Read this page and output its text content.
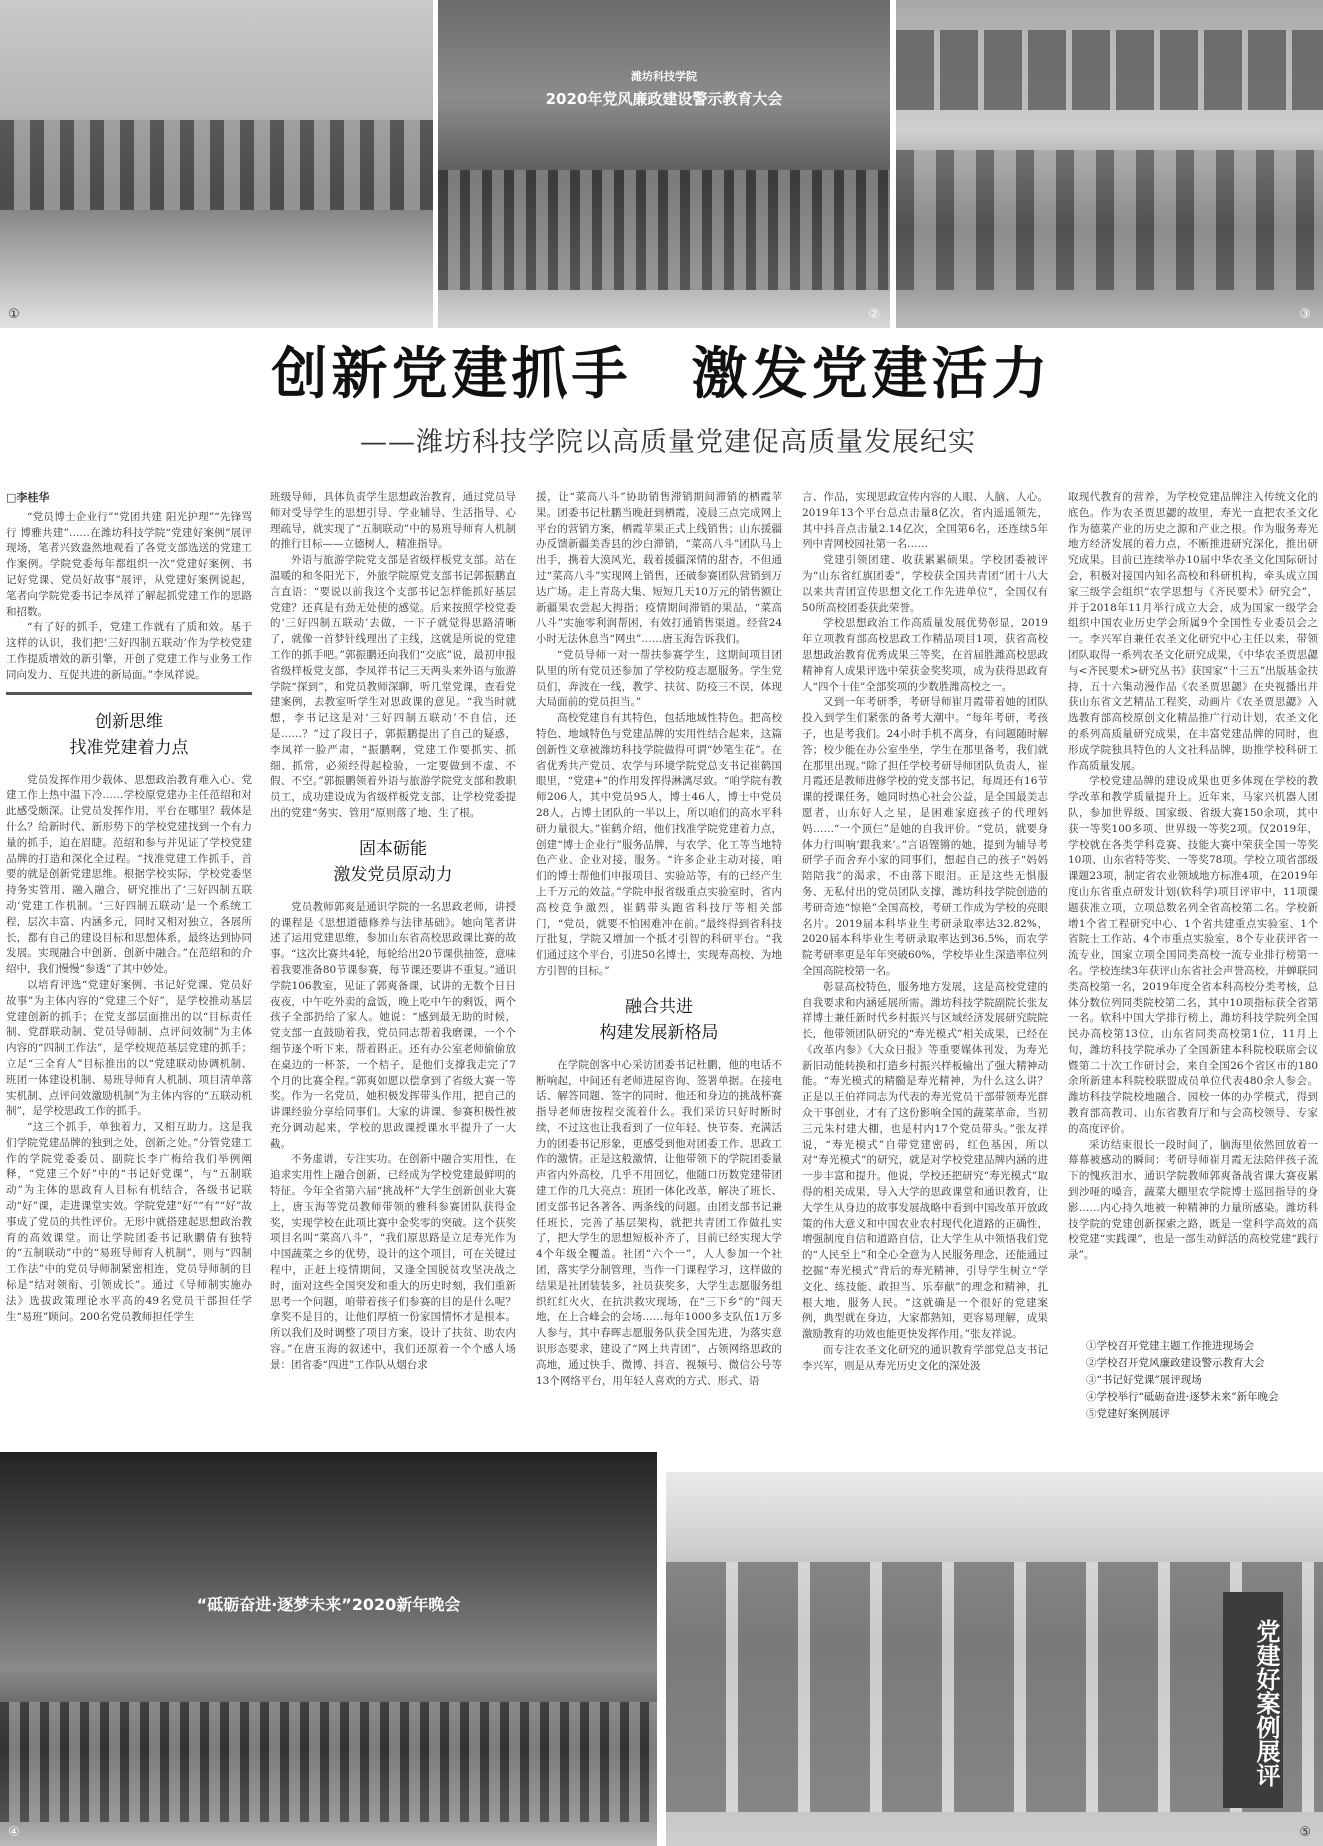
①
潍坊科技学院
2020年党风廉政建设警示教育大会
②	③
创新党建抓手　激发党建活力
——潍坊科技学院以高质量党建促高质量发展纪实
□李桂华

“党员博士企业行”“党团共建 阳光护理”“先锋骂行 博雅共建”……在潍坊科技学院“党建好案例”展评现场，笔者兴致盎然地观看了各党支部选送的党建工作案例。学院党委每年都组织一次“党建好案例、书记好党课、党员好故事”展评，从党建好案例说起，笔者向学院党委书记李凤祥了解起抓党建工作的思路和招数。

“有了好的抓手，党建工作就有了质和效。基于这样的认识，我们把‘三好四制五联动’作为学校党建工作提质增效的新引擎，开创了党建工作与业务工作同向发力、互促共进的新局面。”李凤祥说。

创新思维
找准党建着力点

党员发挥作用少载体、思想政治教育难入心、党建工作上热中温下冷……学校原党建办主任范绍和对此感受颇深。让党员发挥作用，平台在哪里？载体是什么？给新时代、新形势下的学校党建找到一个有力量的抓手，迫在眉睫。范绍和参与并见证了学校党建品牌的打造和深化全过程。“找准党建工作抓手，首要的就是创新党建思维。根据学校实际，学校党委坚持务实管用、融入融合，研究推出了‘三好四制五联动’党建工作机制。‘三好四制五联动’是一个系统工程，层次丰富、内涵多元，同时又相对独立，各展所长，都有自己的建设目标和思想体系，最终达到协同发展。实现融合中创新、创新中融合。”在范绍和的介绍中，我们慢慢“参透”了其中妙处。

以培育评选“党建好案例、书记好党课、党员好故事”为主体内容的“党建三个好”，是学校推动基层党建创新的抓手；在党支部层面推出的以“目标责任制、党群联动制、党员导师制、点评问效制”为主体内容的“四制工作法”，是学校规范基层党建的抓手；立足“三全育人”目标推出的以“党建联动协调机制、班团一体建设机制、易班导师育人机制、项目清单落实机制、点评问效激励机制”为主体内容的“五联动机制”，是学校思政工作的抓手。

“这三个抓手，单独着力，又相互助力。这是我们学院党建品牌的独到之处，创新之处。”分管党建工作的学院党委委员、副院长李广梅给我们举例阐释，“党建三个好”中的“书记好党课”，与“五制联动”为主体的思政育人目标有机结合，各级书记联动“好”课，走进课堂实效。学院党建“好”“有”“好”故事成了党员的共性评价。无形中就搭建起思想政治教育的高效课堂。而让学院团委书记耿鹏倩有独特的“五制联动”中的“易班导师育人机制”，则与“四制工作法”中的党员导师制紧密相连，党员导师制的目标是“结对领衔、引领成长”。通过《导师制实施办法》选拔政策理论水平高的49名党员干部担任学生“易班”顾问。200名党员教师担任学生

班级导师，具体负责学生思想政治教育，通过党员导师对受导学生的思想引导、学业辅导、生活指导、心理疏导，就实现了“五制联动”中的易班导师育人机制的推行目标——立德树人，精准指导。

外语与旅游学院党支部是省级样板党支部。站在温暖的和冬阳光下，外旅学院原党支部书记郭振鹏直言直语：“要说以前我这个支部书记怎样能抓好基层党建？还真是有劲无处使的感觉。后来按照学校党委的‘三好四制五联动’去做，一下子就觉得思路清晰了，就像一首梦针线理出了主线，这就是所说的党建工作的抓手吧。”郭振鹏还向我们“交底”说，最初申报省级样板党支部，李凤祥书记三天两头来外语与旅游学院“探到”，和党员教师深聊，听几堂党课，查看党建案例，去教室听学生对思政课的意见。“我当时就想，李书记这是对‘三好四制五联动’不自信，还是……？”过了段日子，郭振鹏提出了自己的疑惑，李凤祥一脸严肃，“振鹏啊，党建工作要抓实、抓细、抓常，必须经得起检验，一定要做到不虚、不假、不空。”郭振鹏领着外语与旅游学院党支部和教职员工，成功建设成为省级样板党支部，让学校党委提出的党建“务实、管用”原则落了地、生了根。

固本砺能
激发党员原动力

党员教师郭爽是通识学院的一名思政老师，讲授的课程是《思想道德修养与法律基础》。她向笔者讲述了运用党建思维，参加山东省高校思政课比赛的故事。“这次比赛共4轮，每轮给出20节课供抽签，意味着我要准备80节课参赛，每节课还要讲不重复。”通识学院106教室，见证了郭爽备课，试讲的无数个日日夜夜，中午吃外卖的盒饭，晚上吃中午的剩饭，两个孩子全部扔给了家人。她说：“感到最无助的时候，党支部一直鼓励着我，党员同志帮着我磨课，一个个细节逐个听下来，帮着斟正。还有办公室老师偷偷放在桌边的一杯茶，一个桔子，是他们支撑我走完了7个月的比赛全程。”郭爽如愿以偿拿到了省级大赛一等奖。作为一名党员，她积极发挥带头作用，把自己的讲课经验分享给同事们。大家的讲课、参赛积极性被充分调动起来，学校的思政课授课水平提升了一大截。

不务虚谱，专注实功。在创新中融合实用性，在追求实用性上融合创新，已经成为学校党建最鲜明的特征。今年全省第六届“挑战杯”大学生创新创业大赛上，唐玉海等党员教师带领的雅科参赛团队获得金奖，实现学校在此项比赛中金奖零的突破。这个获奖项目名叫“菜高八斗”，“我们原思路是立足寿光作为中国蔬菜之乡的优势，设计的这个项目，可在关键过程中，正赶上疫情期间，又逢全国脱贫攻坚决战之时，面对这些全国突发和重大的历史时刻，我们重新思考一个问题，咱带着孩子们参赛的目的是什么呢？拿奖不是目的，让他们厚植一份家国情怀才是根本。所以我们及时调整了项目方案，设计了扶贫、助农内容。”在唐玉海的叙述中，我们还原着一个个感人场景：团省委“四进”工作队从烟台求

援，让“菜高八斗”协助销售滞销期间滞销的栖霞苹果。团委书记杜鹏当晚赶到栖霞，凌晨三点完成网上平台的营销方案，栖霞苹果正式上线销售；山东援疆办反馈新疆美香县的沙白滞销，“菜高八斗”团队马上出手，携着大漠风光，载着援疆深情的甜杏，不但通过“菜高八斗”实现网上销售，还破参赛团队营销到万达广场。走上青岛大集、短短几天10万元的销售额让新疆果农尝起大拇指；疫情期间滞销的果品，“菜高八斗”实施零利润帮困，有效打通销售渠道。经营24小时无法休息当“网虫”……唐玉海告诉我们。

“党员导师一对一帮扶参赛学生，这期间项目团队里的所有党员还参加了学校防疫志愿服务。学生党员们，奔波在一线，教学、扶贫、防疫三不误，体现大局面前的党员担当。”

高校党建自有其特色，包括地域性特色。把高校特色、地域特色与党建品牌的实用性结合起来，这篇创新性文章被潍坊科技学院做得可谓“妙笔生花”。在省优秀共产党员、农学与环境学院党总支书记崔鹤国眼里，“党建+”的作用发挥得淋漓尽致。“咱学院有教师206人，其中党员95人，博士46人，博士中党员28人，占博士团队的一半以上，所以咱们的高水平科研力量很大。”崔鹤介绍，他们找准学院党建着力点，创建“博士企业行”服务品牌，与农学、化工等当地特色产业、企业对接，服务。“许多企业主动对接，咱们的博士帮他们申报项目、实验站等，有的已经产生上千万元的效益。”学院申报省级重点实验室时，省内高校竞争激烈，崔鹤带头跑省科技厅等相关部门，“党员，就要不怕困难冲在前。”最终得到省科技厅批复，学院又增加一个抵才引智的科研平台。“我们通过这个平台，引进50名博士，实现寿高校、为地方引智的目标。”

融合共进
构建发展新格局

在学院创客中心采访团委书记杜鹏，他的电话不断响起，中间还有老师进屋咨询、签署单据。在接电话、解答同题、签字的同时，他还和身边的挑战杯赛指导老师唐按程交流着什么。我们采访只好时断时续，不过这也让我看到了一位年轻、快节奏、充满活力的团委书记形象，更感受到他对团委工作、思政工作的激情。正是这般激情，让他带领下的学院团委量声省内外高校，几乎不用回忆，他随口历数党建带团建工作的几大亮点：班团一体化改革，解决了班长、团支部书记各著各、两条线的问题。由团支部书记兼任班长，完善了基层架构，就把共青团工作做扎实了，把大学生的思想短板补齐了，目前已经实现大学4个年级全覆盖。社团“六个一”，人人参加一个社团，落实学分制管理，当作一门课程学习，这样做的结果是社团装装多，社员获奖多，大学生志愿服务组织红红火火，在抗洪救灾现场，在“三下乡”的“闯天地，在上合峰会的会场……每年1000多支队伍1万多人参与，其中春晖志愿服务队获全国先进，为落实意识形态要求，建设了“网上共青团”，占领网络思政的高地，通过快手、微博、抖音、视频号、微信公号等13个网络平台，用年轻人喜欢的方式、形式、语

言、作品，实现思政宣传内容的人眼、人脑、人心。2019年13个平台总点击量8亿次，省内遥遥领先，其中抖音点击量2.14亿次，全国第6名，还连续5年列中青网校园社第一名……

党建引领团建、收获累累硕果。学校团委被评为“山东省红旗团委”，学校获全国共青团“团十八大以来共青团宣传思想文化工作先进单位”，全国仅有50所高校团委获此荣誉。

学校思想政治工作高质量发展优势彰显，2019年立项教育部高校思政工作精品项目1项，获省高校思想政治教育优秀成果三等奖，在首届胜潍高校思政精神育人成果评选中荣获金奖奖项，成为获得思政育人“四个十佳”全部奖项的少数胜潍高校之一。

又到一年考研季，考研导师崔月霞带着她的团队投入到学生们紧张的备考大潮中。“每年考研，考孩子，也是考我们。24小时手机不离身，有问题随时解答；校少能在办公室坐坐，学生在那里备考，我们就在那里出现。”除了担任学校考研导师团队负责人，崔月霞还是教师进修学校的党支部书记，每周还有16节课的授课任务，她同时热心社会公益，是全国最美志愿者，山东好人之星，是困难家庭孩子的代理妈妈……“一个顶仨”是她的自我评价。“党员，就要身体力行叫响‘跟我来’。”言语铿锵的她，提到为辅导考研学子而舍弃小家的同事们，想起自己的孩子“妈妈陪陪我”的渴求，不由落下眼泪。正是这些无惧服务、无私付出的党员团队支撑，潍坊科技学院创造的考研奇迹“惊艳”全国高校，考研工作成为学校的亮眼名片。2019届本科毕业生考研录取率达32.82%，2020届本科毕业生考研录取率达到36.5%，而农学院考研率更是年年突破60%，学校毕业生深造率位列全国高院校第一名。

彰显高校特色，服务地方发展，这是高校党建的自我要求和内涵延展所需。潍坊科技学院副院长张友祥博士兼任新时代乡村振兴与区域经济发展研究院院长，他带领团队研究的“寿光模式”相关成果，已经在《改革内参》《大众日报》等重要媒体刊发，为寿光新旧动能转换和打造乡村振兴样板输出了强大精神动能。“寿光模式的精髓是寿光精神，为什么这么讲？正是以王伯祥同志为代表的寿光党员干部带领寿光群众干事创业，才有了这份影响全国的蔬菜革命，当初三元朱村建大棚，也是村内17个党员带头。”张友祥说，“寿光模式”自带党建密码，红色基因，所以对“寿光模式”的研究，就是对学校党建品牌内涵的进一步丰富和提升。他说，学校还把研究“寿光模式”取得的相关成果，导入大学的思政课堂和通识教育，让大学生从身边的故事发展战略中看到中国改革开放政策的伟大意义和中国农业农村现代化道路的正确性，增强制度自信和道路自信，让大学生从中领悟我们党的“人民至上”和全心全意为人民服务理念，还能通过挖掘“寿光模式”背后的寿光精神，引导学生树立“学文化、练技能、敢担当、乐奉献”的理念和精神，扎根大地，服务人民。“这就确是一个很好的党建案例，典型就在身边，大家都熟知，更容易理解，成果激励教育的功效也能更快发挥作用。”张友祥说。

而专注农圣文化研究的通识教育学部党总支书记李兴军，则是从寿光历史文化的深处汲

取现代教育的营养，为学校党建品牌注入传统文化的底色。作为农圣贾思勰的故里，寿光一直把农圣文化作为德菜产业的历史之源和产业之根。作为服务寿光地方经济发展的着力点，不断推进研究深化，推出研究成果。目前已连续举办10届中华农圣文化国际研讨会，积极对接国内知名高校和科研机构，牵头成立国家三级学会组织“农学思想与《齐民要术》研究会”，并于2018年11月举行成立大会，成为国家一级学会组织中国农业历史学会所属9个全国性专业委员会之一。李兴军自兼任农圣文化研究中心主任以来，带领团队取得一系列农圣文化研究成果，《中华农圣贾思勰与<齐民要术>研究丛书》获国家“十三五”出版基金扶持，五十六集动漫作品《农圣贾思勰》在央视播出并获山东省文艺精品工程奖，动画片《农圣贾思勰》入选教育部高校原创文化精品推广行动计划，农圣文化的系列高质量研究成果，在丰富党建品牌的同时，也形成学院独具特色的人文社科品牌，助推学校科研工作高质量发展。

学校党建品牌的建设成果也更多体现在学校的教学改革和教学质量提升上。近年来，马家兴机器人团队，参加世界级、国家级、省级大赛150余项，其中获一等奖100多项、世界级一等奖2项。仅2019年，学校就在各类学科竞赛、技能大赛中荣获全国一等奖10项、山东省特等奖、一等奖78项。学校立项省部级课题23项，制定省农业领域地方标准4项，在2019年度山东省重点研发计划(软科学)项目评审中，11项课题获准立项，立项总数名列全省高校第二名。学校新增1个省工程研究中心、1个省共建重点实验室、1个省院士工作站、4个市重点实验室，8个专业获评省一流专业，国家立项全国同类高校一流专业排行榜第一名。学校连续3年获评山东省社会声誉高校，并蝉联同类高校第一名，2019年度全省本科高校分类考核，总体分数位列同类院校第二名，其中10项指标获全省第一名。软科中国大学排行榜上，潍坊科技学院列全国民办高校第13位，山东省同类高校第1位，11月上旬，潍坊科技学院承办了全国新建本科院校联席会议暨第二十次工作研讨会，来自全国26个省区市的180余所新建本科院校联盟成员单位代表480余人参会。潍坊科技学院校地融合、园校一体的办学模式，得到教育部高教司、山东省教育厅和与会高校领导、专家的高度评价。

采访结束很长一段时间了，脑海里依然回放着一幕幕被感动的瞬间：考研导师崔月霞无法陪伴孩子流下的愧疚泪水，通识学院教师郭爽备战省课大赛夜累到沙哑的嗓音，蔬菜大棚里农学院博士巡回指导的身影……内心持久地被一种精神的力量所感染。潍坊科技学院的党建创新探索之路，既是一堂科学高效的高校党建“实践课”，也是一部生动鲜活的高校党建“践行录”。

①学校召开党建主题工作推进现场会
②学校召开党风廉政建设警示教育大会
③“书记好党课”展评现场
④学校举行“砥砺奋进·逐梦未来”新年晚会
⑤党建好案例展评
“砥砺奋进·逐梦未来”2020新年晚会
④
党建好案例展评
⑤
